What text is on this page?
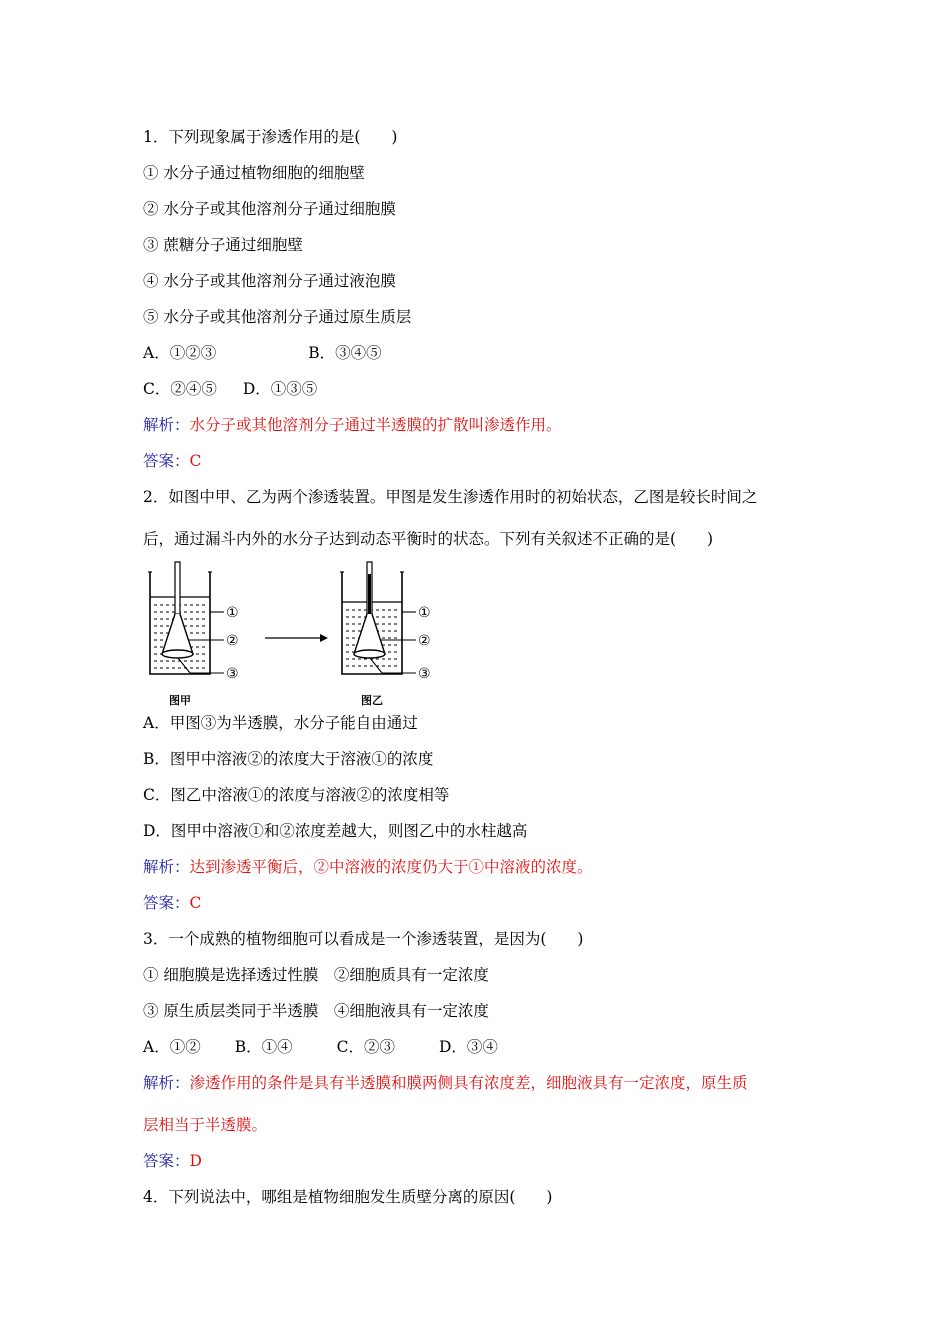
1．下列现象属于渗透作用的是(　　)
① 水分子通过植物细胞的细胞壁
② 水分子或其他溶剂分子通过细胞膜
③ 蔗糖分子通过细胞壁
④ 水分子或其他溶剂分子通过液泡膜
⑤ 水分子或其他溶剂分子通过原生质层
A．①②③	B．③④⑤
C．②④⑤ D．①③⑤
解析：水分子或其他溶剂分子通过半透膜的扩散叫渗透作用。
答案：C
2．如图中甲、乙为两个渗透装置。甲图是发生渗透作用时的初始状态，乙图是较长时间之
后，通过漏斗内外的水分子达到动态平衡时的状态。下列有关叙述不正确的是(　　)
①
②
③
图甲
①
②
③
图乙
A．甲图③为半透膜，水分子能自由通过
B．图甲中溶液②的浓度大于溶液①的浓度
C．图乙中溶液①的浓度与溶液②的浓度相等
D．图甲中溶液①和②浓度差越大，则图乙中的水柱越高
解析：达到渗透平衡后，②中溶液的浓度仍大于①中溶液的浓度。
答案：C
3．一个成熟的植物细胞可以看成是一个渗透装置，是因为(　　)
① 细胞膜是选择透过性膜　②细胞质具有一定浓度
③ 原生质层类同于半透膜　④细胞液具有一定浓度
A．①② B．①④	C．②③	D．③④
解析：渗透作用的条件是具有半透膜和膜两侧具有浓度差，细胞液具有一定浓度，原生质
层相当于半透膜。
答案：D
4．下列说法中，哪组是植物细胞发生质壁分离的原因(　　)
